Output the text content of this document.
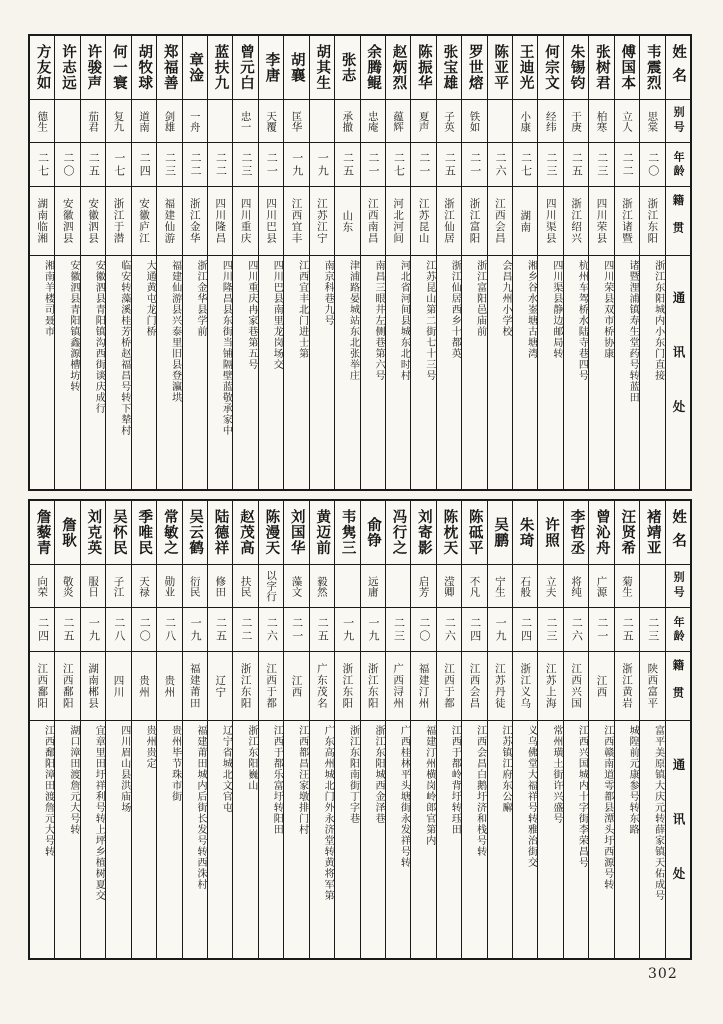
姓名
别号
年龄
籍贯
通讯处
韦震烈
思棠
二〇
浙江东阳
浙江东阳城内小东门直接
傅国本
立人
二二
浙江诸暨
诸暨浬浦镇寿生堂药号转蓝田
张树君
柏寒
二三
四川荣县
四川荣县双市桥协康
朱锡钧
于庚
二五
浙江绍兴
杭州车驾桥水陆寺巷四号
何宗文
经纬
二三
四川渠县
四川渠县静边邮局转
王迪光
小康
二七
湖南
湘乡谷水崟塘古塘湾
陈亚平
二六
江西会昌
会昌九州小学校
罗世熔
铁如
二一
浙江富阳
浙江富阳邑庙前
张宝雄
子英
二五
浙江仙居
浙江仙居西乡十都英
陈振华
夏声
二一
江苏昆山
江苏昆山第二街七十三号
赵炳烈
蕴辉
二七
河北河间
河北省河间县城东北时村
余腾鲲
忠庵
二一
江西南昌
南昌三眼井左侧巷第六号
张志
承撤
二五
山东
津浦路晏城站东北张举庄
胡其生
一九
江苏江宁
南京科巷九号
胡襄
匡华
一九
江西宜丰
江西宜丰北门进士第
李唐
天覆
二一
四川巴县
四川巴县南里龙岗场交
曾元白
忠一
二三
四川重庆
四川重庆冉家巷第五号
蓝扶九
二二
四川隆昌
四川隆昌县东街当铺隔壁蓝敬承家中
章淦
一舟
二二
浙江金华
浙江金华县学前
郑福善
剑雄
二三
福建仙游
福建仙游县兴泰里旧县登瀛垬
胡牧球
道南
二四
安徽庐江
大通黄屯龙门桥
何一寰
复九
一七
浙江于潜
临安转藻溪桂芳桥赵福昌号转下辇村
许骏声
茄君
二五
安徽泗县
安徽泗县青阳镇沟西街谈庆成行
许志远
二〇
安徽泗县
安徽泗县青阳镇鑫源槽坊转
方友如
德生
二七
湖南临湘
湘南羊楼司聂市
姓名
别号
年龄
籍贯
通讯处
褚靖亚
二三
陕西富平
富平美原镇大庆元转薛家镇天佑成号
汪贤希
菊生
二五
浙江黄岩
城隍前元康参号转东路
曾沁舟
广源
二一
江西
江西赣南道雩都县潭头圩西源号转
李哲丞
将纯
二六
江西兴国
江西兴国城内十字街李荣昌号
许照
立夫
二三
江苏上海
常州璜土街许兴盛号
朱琦
石般
二四
浙江义乌
义乌佛堂大福祥号转雅治街交
吴鹏
宁生
一九
江苏丹徒
江苏镇江府东公廨
陈砥平
不凡
二四
江西会昌
江西会昌白鹅圩济和栈号转
陈枕天
滢卿
二六
江西于都
江西于都岭背圩转珏田
刘寄影
启芳
二〇
福建汀州
福建汀州横岗岭郎官第内
冯行之
二三
广西浔州
广西桂林平头塘街永发祥号转
俞铮
远庸
一九
浙江东阳
浙江东阳城西金泽巷
韦隽三
一九
浙江东阳
浙江东阳南街丁字巷
黄迈前
毅然
二五
广东茂名
广东高州城北门外永济堂转黄将军第
刘国华
藻文
二一
江西
江西都昌汪家墩排门村
陈漫天
以字行
二六
江西于都
江西于都乐富圩转阳田
赵茂高
扶民
二二
浙江东阳
浙江东阳巍山
陆德祥
修田
二五
辽宁
辽宁省城北文官屯
吴云鹤
衍民
一九
福建莆田
福建莆田城内后街长发号转西洙村
常敏之
勋业
二八
贵州
贵州毕节珠市街
季唯民
天禄
二〇
贵州
贵州贵定
吴怀民
子江
二八
四川
四川眉山县洪庙场
刘克英
服日
一九
湖南郴县
宜章里田圩祥利号转上坪乡植树夏交
詹耿
敬炎
二五
江西鄱阳
湖口漳田渡詹元大号转
詹藜青
向荣
二四
江西鄱阳
江西鄱阳漳田渡詹元大号转
302
